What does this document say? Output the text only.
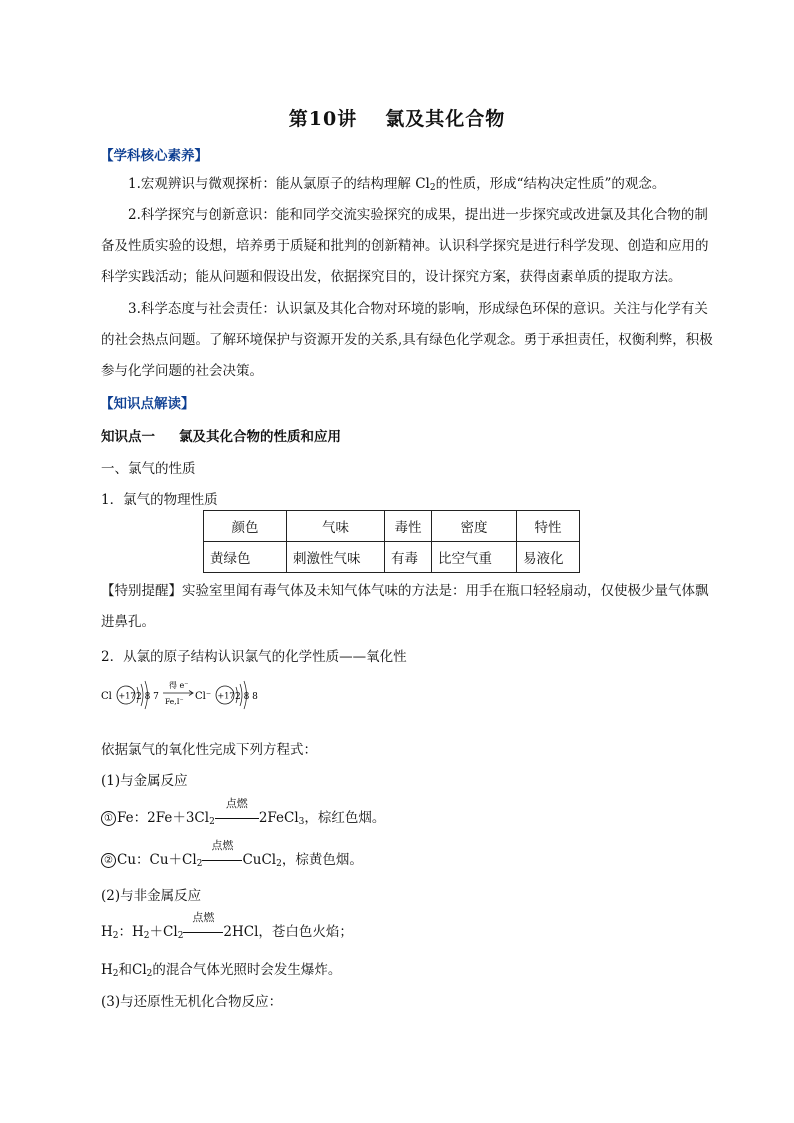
第10讲 氯及其化合物
【学科核心素养】
1.宏观辨识与微观探析：能从氯原子的结构理解 $Cl_2$的性质，形成“结构决定性质”的观念。
2.科学探究与创新意识：能和同学交流实验探究的成果，提出进一步探究或改进氯及其化合物的制备及性质实验的设想，培养勇于质疑和批判的创新精神。认识科学探究是进行科学发现、创造和应用的科学实践活动；能从问题和假设出发，依据探究目的，设计探究方案，获得卤素单质的提取方法。
3.科学态度与社会责任：认识氯及其化合物对环境的影响，形成绿色环保的意识。关注与化学有关的社会热点问题。了解环境保护与资源开发的关系,具有绿色化学观念。勇于承担责任，权衡利弊，积极参与化学问题的社会决策。
【知识点解读】
知识点一 氯及其化合物的性质和应用
一、氯气的性质
1．氯气的物理性质
颜色	气味	毒性	密度	特性
黄绿色	刺激性气味	有毒	比空气重	易液化
【特别提醒】实验室里闻有毒气体及未知气体气味的方法是：用手在瓶口轻轻扇动，仅使极少量气体飘进鼻孔。
2．从氯的原子结构认识氯气的化学性质——氧化性
Cl +17 2 8 7
得 e⁻
Fe,I⁻ Cl⁻ +17 2 8 8
依据氯气的氧化性完成下列方程式：
(1)与金属反应
① Fe：$2Fe+3Cl_2$
点燃
2FeCl$_3$，棕红色烟。
② Cu：$Cu+Cl_2$
点燃
CuCl$_2$，棕黄色烟。
(2)与非金属反应
$H_2$：$H_2+Cl_2$
点燃
2HCl，苍白色火焰；
$H_2$和$Cl_2$的混合气体光照时会发生爆炸。
(3)与还原性无机化合物反应：
